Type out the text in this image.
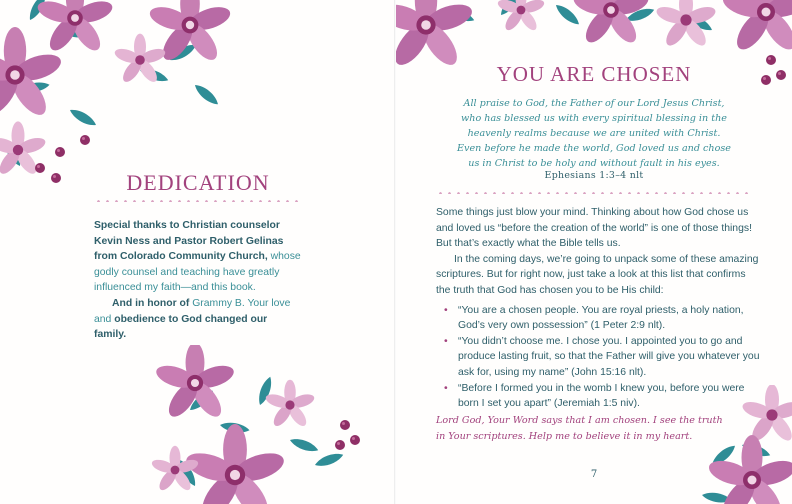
DEDICATION

Special thanks to Christian counselor Kevin Ness and Pastor Robert Gelinas from Colorado Community Church, whose godly counsel and teaching have greatly influenced my faith—and this book.

And in honor of Grammy B. Your love and obedience to God changed our family.

YOU ARE CHOSEN
All praise to God, the Father of our Lord Jesus Christ,
who has blessed us with every spiritual blessing in the
heavenly realms because we are united with Christ.
Even before he made the world, God loved us and chose
us in Christ to be holy and without fault in his eyes.
Ephesians 1:3–4 nlt

Some things just blow your mind. Thinking about how God chose us and loved us “before the creation of the world” is one of those things! But that’s exactly what the Bible tells us.

In the coming days, we’re going to unpack some of these amazing scriptures. But for right now, just take a look at this list that confirms the truth that God has chosen you to be His child:

• “You are a chosen people. You are royal priests, a holy nation, God’s very own possession” (1 Peter 2:9 nlt).
• “You didn’t choose me. I chose you. I appointed you to go and produce lasting fruit, so that the Father will give you whatever you ask for, using my name” (John 15:16 nlt).
• “Before I formed you in the womb I knew you, before you were born I set you apart” (Jeremiah 1:5 niv).
Lord God, Your Word says that I am chosen. I see the truth
in Your scriptures. Help me to believe it in my heart.
7
